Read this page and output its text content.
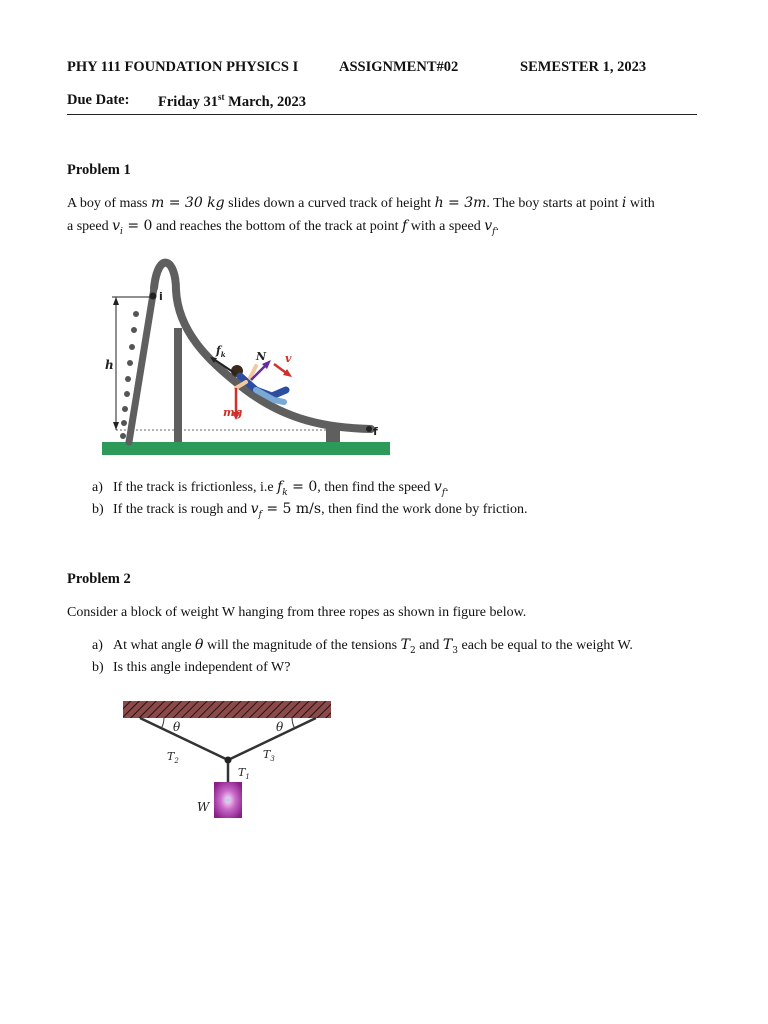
PHY 111 FOUNDATION PHYSICS I	ASSIGNMENT#02	SEMESTER 1, 2023
Due Date: Friday 31st March, 2023
Problem 1
A boy of mass m = 30 kg slides down a curved track of height h = 3m. The boy starts at point i with
a speed $v_i = 0$ and reaches the bottom of the track at point f with a speed $v_f$.
h
i
f
$f_k$	N v
mg
a) If the track is frictionless, i.e $f_k = 0$, then find the speed $v_f$.
b) If the track is rough and $v_f = 5$ m/s, then find the work done by friction.
Problem 2
Consider a block of weight W hanging from three ropes as shown in figure below.
a) At what angle θ will the magnitude of the tensions $T_2$ and $T_3$ each be equal to the weight W.
b) Is this angle independent of W?
θ	θ
$T_2$	$T_3$
$T_1$
W
